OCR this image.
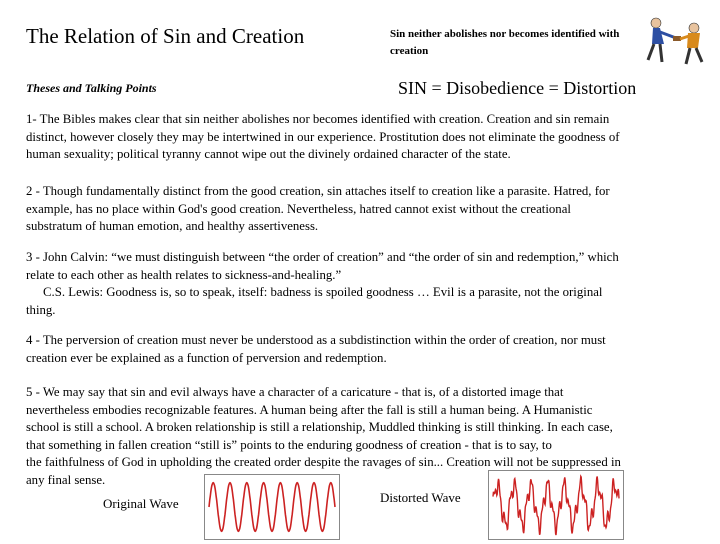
The Relation of Sin and Creation	Sin neither abolishes nor becomes identified with creation
Theses and Talking Points	SIN = Disobedience = Distortion
1- The Bibles makes clear that sin neither abolishes nor becomes identified with creation. Creation and sin remain
distinct, however closely they may be intertwined in our experience. Prostitution does not eliminate the goodness of
human sexuality; political tyranny cannot wipe out the divinely ordained character of the state.
2 - Though fundamentally distinct from the good creation, sin attaches itself to creation like a parasite. Hatred, for
example, has no place within God's good creation. Nevertheless, hatred cannot exist without the creational
substratum of human emotion, and healthy assertiveness.
3 - John Calvin: “we must distinguish between “the order of creation” and “the order of sin and redemption,” which
relate to each other as health relates to sickness-and-healing.”
C.S. Lewis: Goodness is, so to speak, itself: badness is spoiled goodness … Evil is a parasite, not the original
thing.
4 - The perversion of creation must never be understood as a subdistinction within the order of creation, nor must
creation ever be explained as a function of perversion and redemption.
5 - We may say that sin and evil always have a character of a caricature - that is, of a distorted image that
nevertheless embodies recognizable features. A human being after the fall is still a human being. A Humanistic
school is still a school. A broken relationship is still a relationship, Muddled thinking is still thinking. In each case,
that something in fallen creation “still is” points to the enduring goodness of creation - that is to say, to
the faithfulness of God in upholding the created order despite the ravages of sin... Creation will not be suppressed in
any final sense.
Original Wave	Distorted Wave
